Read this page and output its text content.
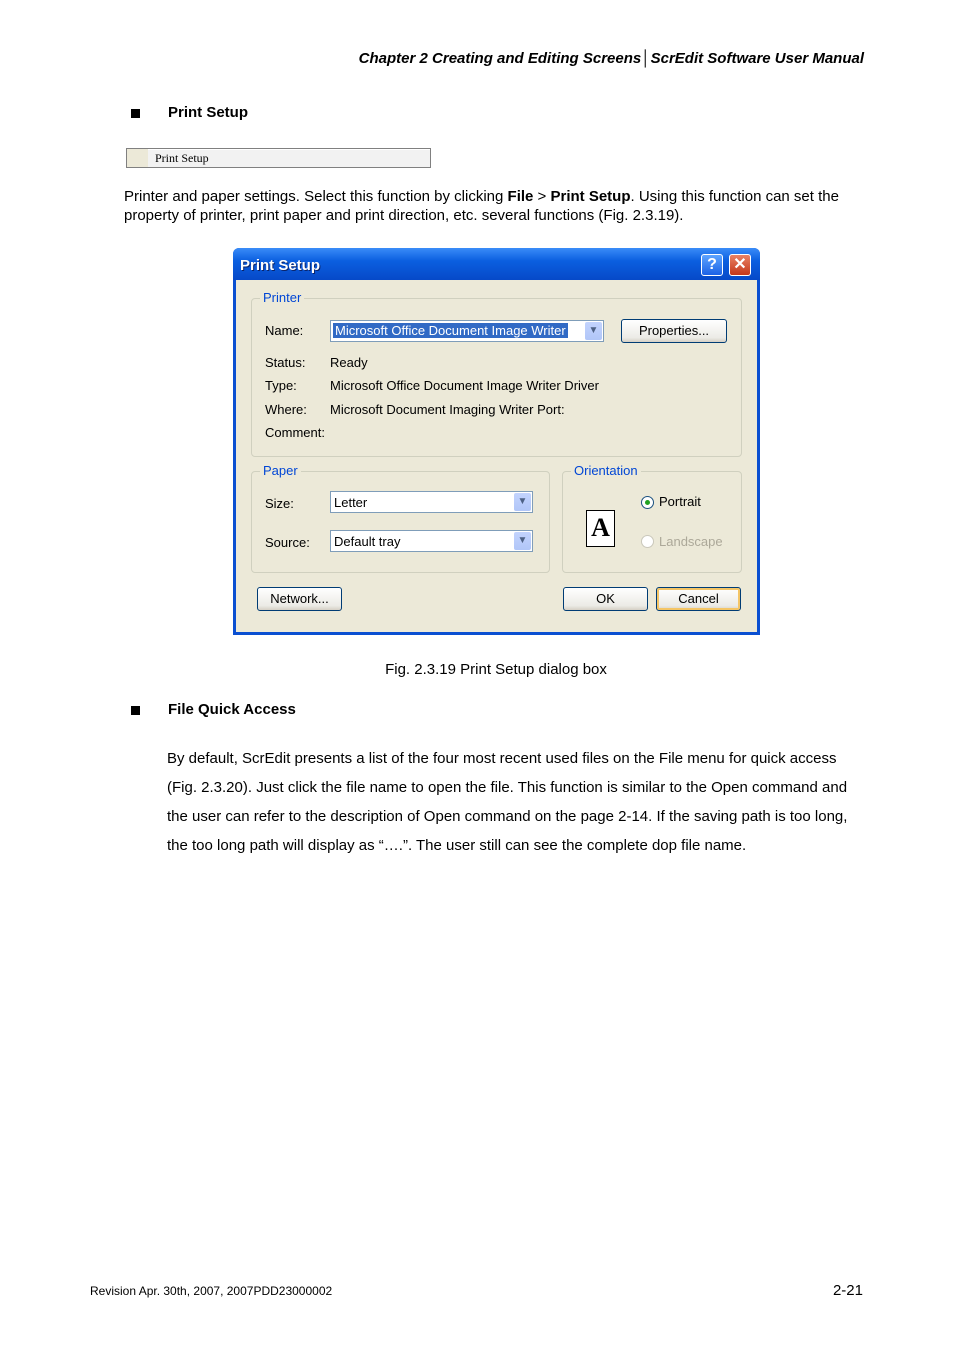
Chapter 2 Creating and Editing Screens│ScrEdit Software User Manual
Print Setup
Print Setup
Printer and paper settings. Select this function by clicking File > Print Setup. Using this function can set the property of printer, print paper and print direction, etc. several functions (Fig. 2.3.19).
Print Setup	?	✕
Printer
Name: Microsoft Office Document Image Writer	▼	Properties...
Status: Ready
Type:	Microsoft Office Document Image Writer Driver
Where: Microsoft Document Imaging Writer Port:
Comment:
Paper
Size:	Letter	▼
Source: Default tray	▼
Orientation
A
Portrait
Landscape
Network...	OK	Cancel
Fig. 2.3.19 Print Setup dialog box
File Quick Access
By default, ScrEdit presents a list of the four most recent used files on the File menu for quick access (Fig. 2.3.20). Just click the file name to open the file. This function is similar to the Open command and the user can refer to the description of Open command on the page 2-14. If the saving path is too long, the too long path will display as “….”. The user still can see the complete dop file name.
Revision Apr. 30th, 2007, 2007PDD23000002	2-21
